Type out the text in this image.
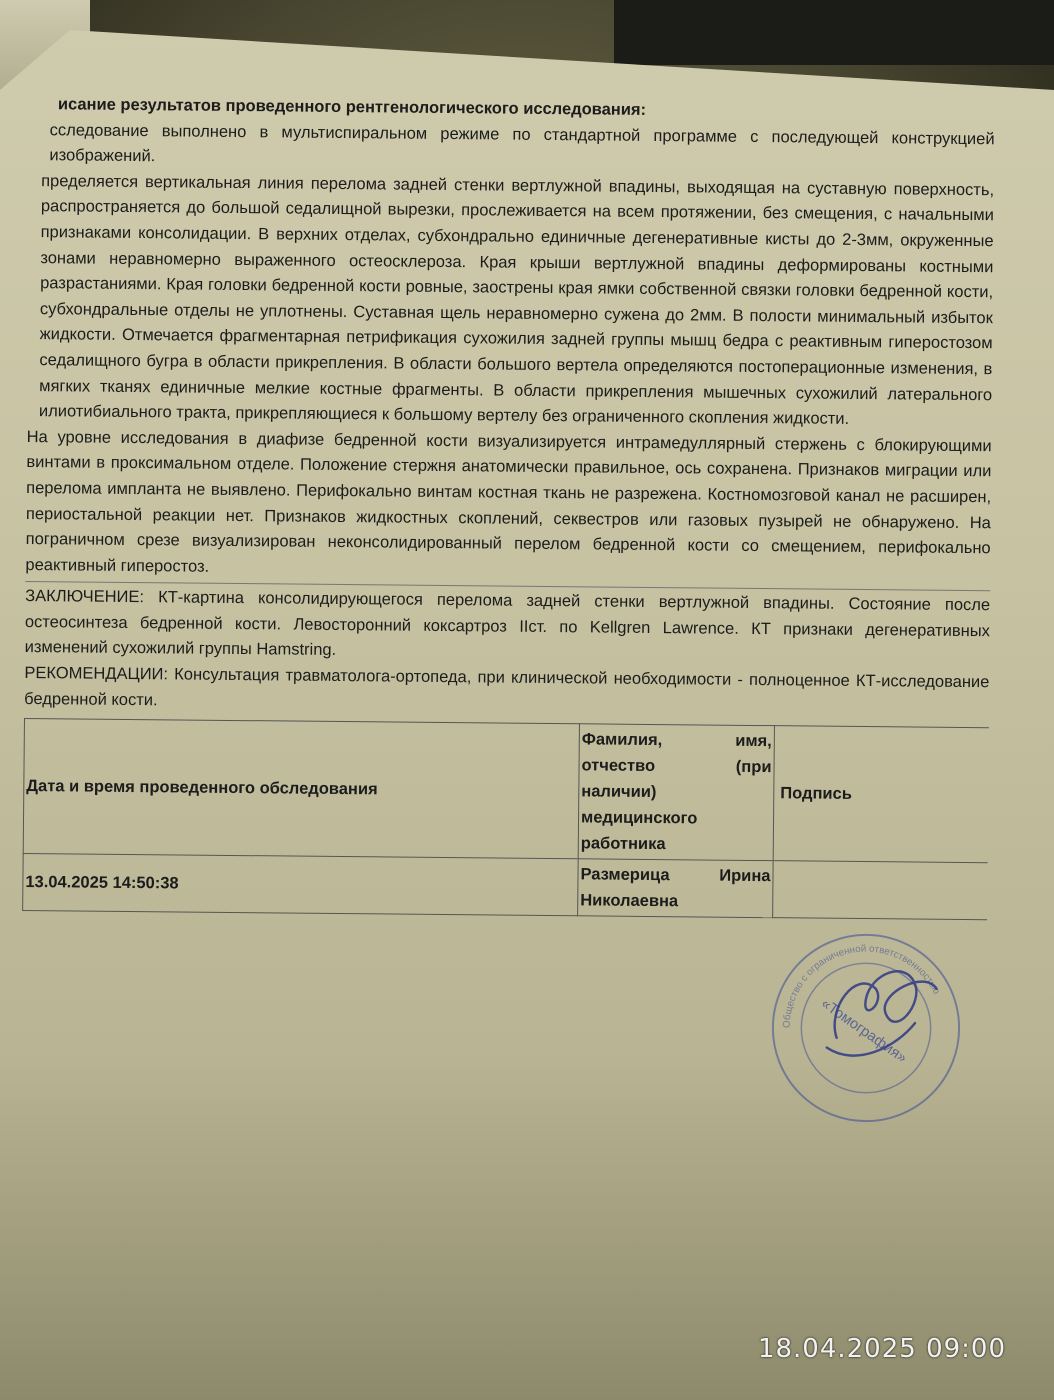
исание результатов проведенного рентгенологического исследования:

сследование выполнено в мультиспиральном режиме по стандартной программе с последующей конструкцией изображений.

пределяется вертикальная линия перелома задней стенки вертлужной впадины, выходящая на суставную поверхность, распространяется до большой седалищной вырезки, прослеживается на всем протяжении, без смещения, с начальными признаками консолидации. В верхних отделах, субхондрально единичные дегенеративные кисты до 2-3мм, окруженные зонами неравномерно выраженного остеосклероза. Края крыши вертлужной впадины деформированы костными разрастаниями. Края головки бедренной кости ровные, заострены края ямки собственной связки головки бедренной кости, субхондральные отделы не уплотнены. Суставная щель неравномерно сужена до 2мм. В полости минимальный избыток жидкости. Отмечается фрагментарная петрификация сухожилия задней группы мышц бедра с реактивным гиперостозом седалищного бугра в области прикрепления. В области большого вертела определяются постоперационные изменения, в мягких тканях единичные мелкие костные фрагменты. В области прикрепления мышечных сухожилий латерального илиотибиального тракта, прикрепляющиеся к большому вертелу без ограниченного скопления жидкости.

На уровне исследования в диафизе бедренной кости визуализируется интрамедуллярный стержень с блокирующими винтами в проксимальном отделе. Положение стержня анатомически правильное, ось сохранена. Признаков миграции или перелома импланта не выявлено. Перифокально винтам костная ткань не разрежена. Костномозговой канал не расширен, периостальной реакции нет. Признаков жидкостных скоплений, секвестров или газовых пузырей не обнаружено. На пограничном срезе визуализирован неконсолидированный перелом бедренной кости со смещением, перифокально реактивный гиперостоз.

ЗАКЛЮЧЕНИЕ: КТ-картина консолидирующегося перелома задней стенки вертлужной впадины. Состояние после остеосинтеза бедренной кости. Левосторонний коксартроз IIст. по Kellgren Lawrence. КТ признаки дегенеративных изменений сухожилий группы Hamstring.

РЕКОМЕНДАЦИИ: Консультация травматолога-ортопеда, при клинической необходимости - полноценное КТ-исследование бедренной кости.

Дата и время проведенного обследования	Фамилия, имя, отчество (при наличии) медицинского работника	Подпись
13.04.2025 14:50:38	Размерица Ирина Николаевна	
Общество с ограниченной ответственностью
«Томография»
18.04.2025 09:00
